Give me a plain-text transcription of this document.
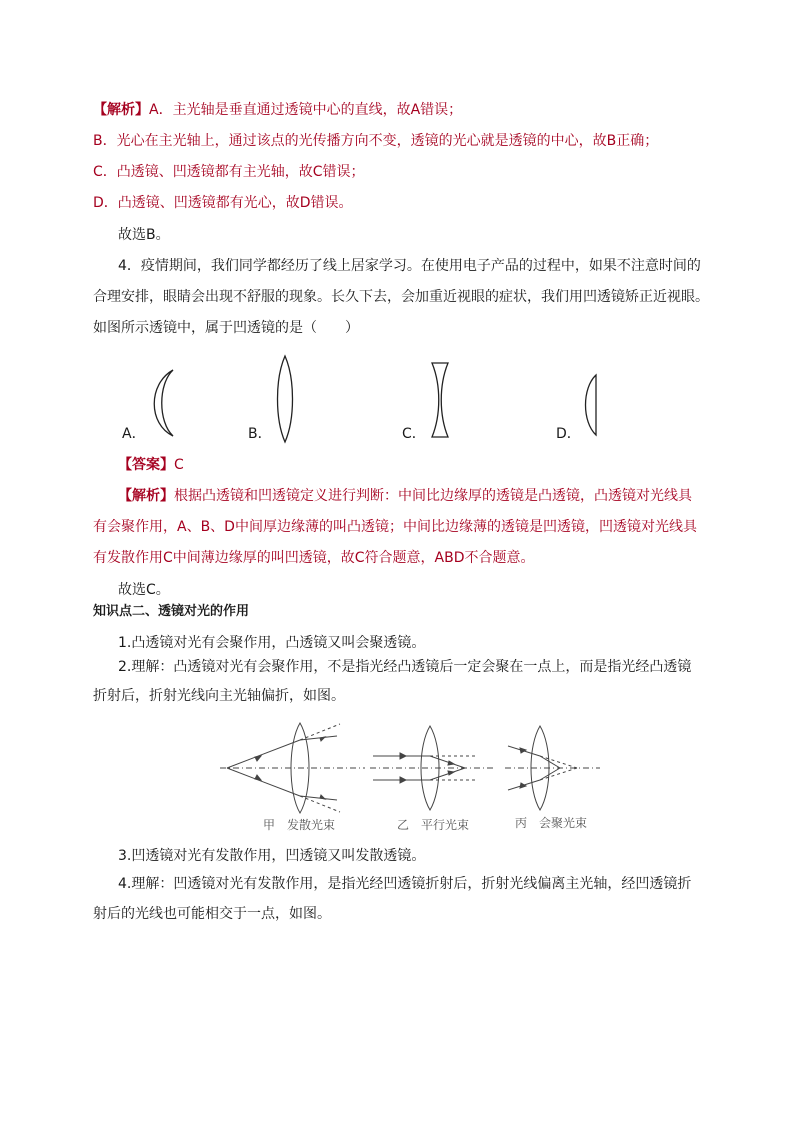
【解析】A．主光轴是垂直通过透镜中心的直线，故A错误；
B．光心在主光轴上，通过该点的光传播方向不变，透镜的光心就是透镜的中心，故B正确；
C．凸透镜、凹透镜都有主光轴，故C错误；
D．凸透镜、凹透镜都有光心，故D错误。
故选B。
4．疫情期间，我们同学都经历了线上居家学习。在使用电子产品的过程中，如果不注意时间的
合理安排，眼睛会出现不舒服的现象。长久下去，会加重近视眼的症状，我们用凹透镜矫正近视眼。
如图所示透镜中，属于凹透镜的是（　　）
A．	B．	C．	D．
【答案】C
【解析】根据凸透镜和凹透镜定义进行判断：中间比边缘厚的透镜是凸透镜，凸透镜对光线具
有会聚作用，A、B、D中间厚边缘薄的叫凸透镜；中间比边缘薄的透镜是凹透镜，凹透镜对光线具
有发散作用C中间薄边缘厚的叫凹透镜，故C符合题意，ABD不合题意。
故选C。
知识点二、透镜对光的作用
1.凸透镜对光有会聚作用，凸透镜又叫会聚透镜。
2.理解：凸透镜对光有会聚作用，不是指光经凸透镜后一定会聚在一点上，而是指光经凸透镜
折射后，折射光线向主光轴偏折，如图。
甲　发散光束	乙　平行光束	丙　会聚光束
3.凹透镜对光有发散作用，凹透镜又叫发散透镜。
4.理解：凹透镜对光有发散作用，是指光经凹透镜折射后，折射光线偏离主光轴，经凹透镜折
射后的光线也可能相交于一点，如图。
